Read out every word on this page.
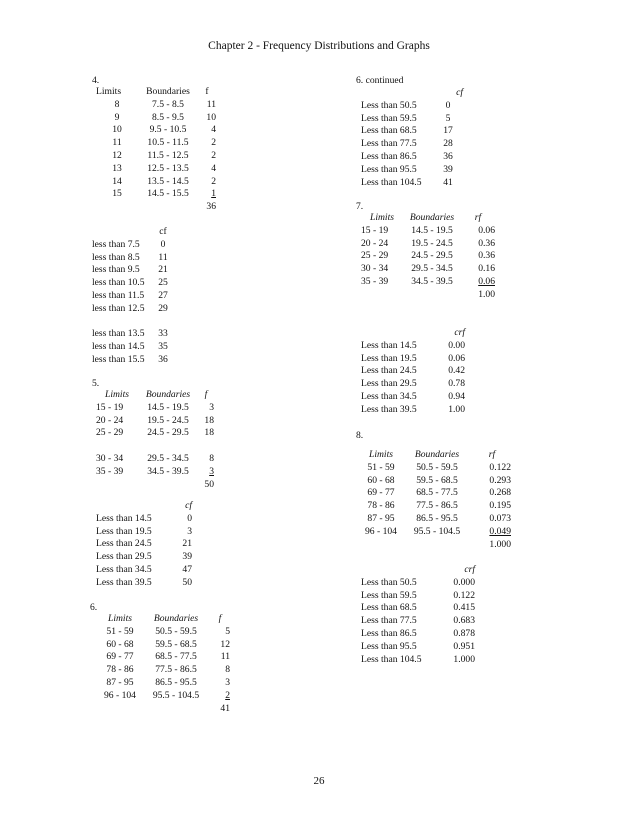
Chapter 2 - Frequency Distributions and Graphs
4.
Limits	Boundaries	f
8	7.5 - 8.5	11
9	8.5 - 9.5	10
10	9.5 - 10.5	4
11	10.5 - 11.5	2
12	11.5 - 12.5	2
13	12.5 - 13.5	4
14	13.5 - 14.5	2
15	14.5 - 15.5	1
		36
	cf
less than 7.5	0
less than 8.5	11
less than 9.5	21
less than 10.5	25
less than 11.5	27
less than 12.5	29

less than 13.5	33
less than 14.5	35
less than 15.5	36
5.
Limits	Boundaries	f
15 - 19	14.5 - 19.5	3
20 - 24	19.5 - 24.5	18
25 - 29	24.5 - 29.5	18

30 - 34	29.5 - 34.5	8
35 - 39	34.5 - 39.5	3
		50
	cf
Less than 14.5	0
Less than 19.5	3
Less than 24.5	21
Less than 29.5	39
Less than 34.5	47
Less than 39.5	50
6.
Limits	Boundaries	f
51 - 59	50.5 - 59.5	5
60 - 68	59.5 - 68.5	12
69 - 77	68.5 - 77.5	11
78 - 86	77.5 - 86.5	8
87 - 95	86.5 - 95.5	3
96 - 104	95.5 - 104.5	2
		41
6. continued
	cf
Less than 50.5	0
Less than 59.5	5
Less than 68.5	17
Less than 77.5	28
Less than 86.5	36
Less than 95.5	39
Less than 104.5	41
7.
Limits	Boundaries	rf
15 - 19	14.5 - 19.5	0.06
20 - 24	19.5 - 24.5	0.36
25 - 29	24.5 - 29.5	0.36
30 - 34	29.5 - 34.5	0.16
35 - 39	34.5 - 39.5	0.06
		1.00
	crf
Less than 14.5	0.00
Less than 19.5	0.06
Less than 24.5	0.42
Less than 29.5	0.78
Less than 34.5	0.94
Less than 39.5	1.00
8.
Limits	Boundaries	rf
51 - 59	50.5 - 59.5	0.122
60 - 68	59.5 - 68.5	0.293
69 - 77	68.5 - 77.5	0.268
78 - 86	77.5 - 86.5	0.195
87 - 95	86.5 - 95.5	0.073
96 - 104	95.5 - 104.5	0.049
		1.000
	crf
Less than 50.5	0.000
Less than 59.5	0.122
Less than 68.5	0.415
Less than 77.5	0.683
Less than 86.5	0.878
Less than 95.5	0.951
Less than 104.5	1.000
26
